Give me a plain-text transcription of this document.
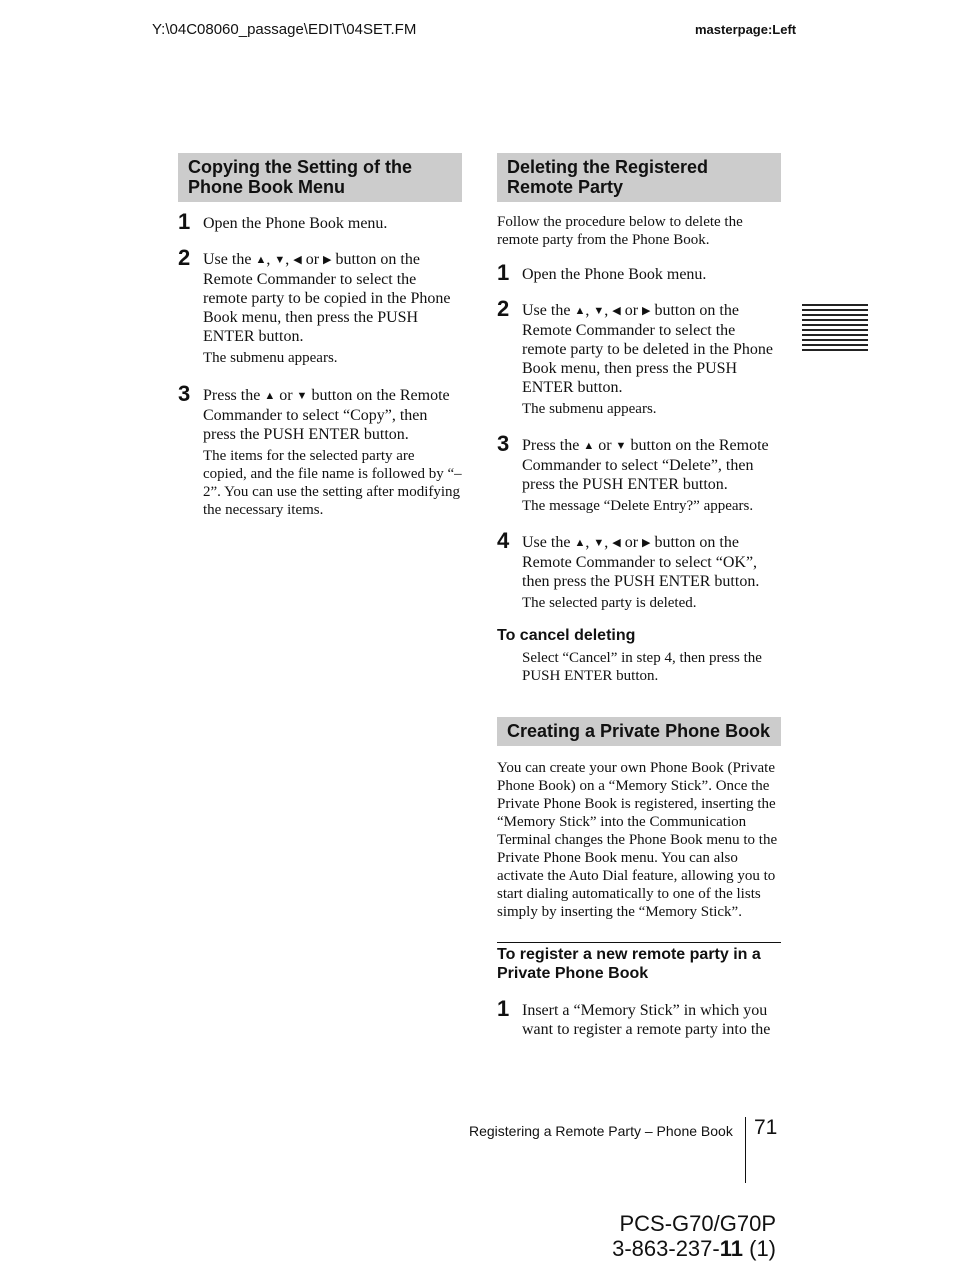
Y:\04C08060_passage\EDIT\04SET.FM	masterpage:Left
Copying the Setting of the Phone Book Menu
1 Open the Phone Book menu.
2 Use the ▲, ▼, ◀ or ▶ button on the Remote Commander to select the remote party to be copied in the Phone Book menu, then press the PUSH ENTER button.
The submenu appears.
3 Press the ▲ or ▼ button on the Remote Commander to select “Copy”, then press the PUSH ENTER button.
The items for the selected party are copied, and the file name is followed by “–2”. You can use the setting after modifying the necessary items.
Deleting the Registered Remote Party
Follow the procedure below to delete the remote party from the Phone Book.
1 Open the Phone Book menu.
2 Use the ▲, ▼, ◀ or ▶ button on the Remote Commander to select the remote party to be deleted in the Phone Book menu, then press the PUSH ENTER button.
The submenu appears.
3 Press the ▲ or ▼ button on the Remote Commander to select “Delete”, then press the PUSH ENTER button.
The message “Delete Entry?” appears.
4 Use the ▲, ▼, ◀ or ▶ button on the Remote Commander to select “OK”, then press the PUSH ENTER button.
The selected party is deleted.
To cancel deleting
Select “Cancel” in step 4, then press the PUSH ENTER button.
Creating a Private Phone Book
You can create your own Phone Book (Private Phone Book) on a “Memory Stick”. Once the Private Phone Book is registered, inserting the “Memory Stick” into the Communication Terminal changes the Phone Book menu to the Private Phone Book menu. You can also activate the Auto Dial feature, allowing you to start dialing automatically to one of the lists simply by inserting the “Memory Stick”.
To register a new remote party in a Private Phone Book
1 Insert a “Memory Stick” in which you want to register a remote party into the
Registering a Remote Party – Phone Book 71
PCS-G70/G70P
3-863-237-11 (1)
